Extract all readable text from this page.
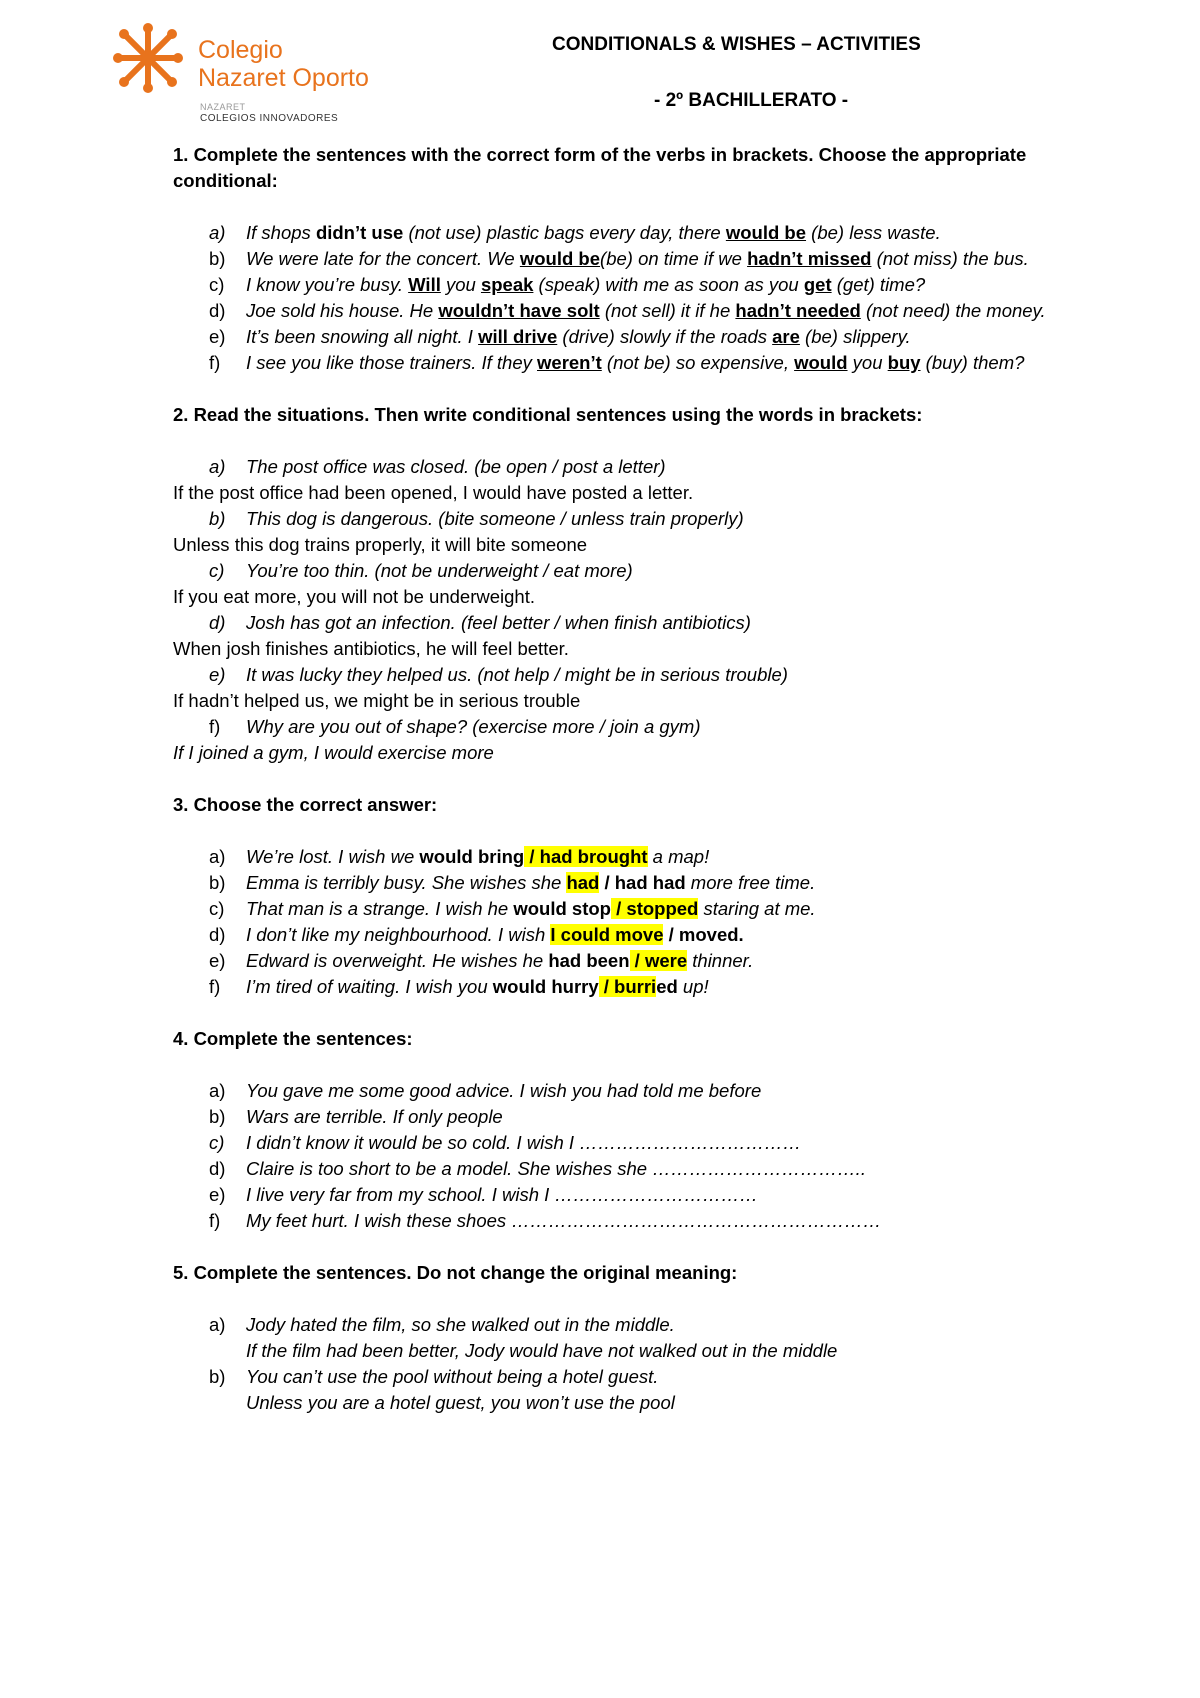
Colegio
Nazaret Oporto
NAZARET
COLEGIOS INNOVADORES
CONDITIONALS & WISHES – ACTIVITIES
- 2º BACHILLERATO -

1. Complete the sentences with the correct form of the verbs in brackets. Choose the appropriate conditional:

a) If shops didn’t use (not use) plastic bags every day, there would be (be) less waste.
b) We were late for the concert. We would be(be) on time if we hadn’t missed (not miss) the bus.
c) I know you’re busy. Will you speak (speak) with me as soon as you get (get) time?
d) Joe sold his house. He wouldn’t have solt (not sell) it if he hadn’t needed (not need) the money.
e) It’s been snowing all night. I will drive (drive) slowly if the roads are (be) slippery.
f) I see you like those trainers. If they weren’t (not be) so expensive, would you buy (buy) them?

2. Read the situations. Then write conditional sentences using the words in brackets:

a) The post office was closed. (be open / post a letter)
If the post office had been opened, I would have posted a letter.
b) This dog is dangerous. (bite someone / unless train properly)
Unless this dog trains properly, it will bite someone
c) You’re too thin. (not be underweight / eat more)
If you eat more, you will not be underweight.
d) Josh has got an infection. (feel better / when finish antibiotics)
When josh finishes antibiotics, he will feel better.
e) It was lucky they helped us. (not help / might be in serious trouble)
If hadn’t helped us, we might be in serious trouble
f) Why are you out of shape? (exercise more / join a gym)
If I joined a gym, I would exercise more

3. Choose the correct answer:

a) We’re lost. I wish we would bring / had brought a map!
b) Emma is terribly busy. She wishes she had / had had more free time.
c) That man is a strange. I wish he would stop / stopped staring at me.
d) I don’t like my neighbourhood. I wish I could move / moved.
e) Edward is overweight. He wishes he had been / were thinner.
f) I’m tired of waiting. I wish you would hurry / burried up!

4. Complete the sentences:

a) You gave me some good advice. I wish you had told me before
b) Wars are terrible. If only people
c) I didn’t know it would be so cold. I wish I ………………………………
d) Claire is too short to be a model. She wishes she ……………………………..
e) I live very far from my school. I wish I ……………………………
f) My feet hurt. I wish these shoes ……………………………………………………

5. Complete the sentences. Do not change the original meaning:

a) Jody hated the film, so she walked out in the middle.
If the film had been better, Jody would have not walked out in the middle
b) You can’t use the pool without being a hotel guest.
Unless you are a hotel guest, you won’t use the pool
